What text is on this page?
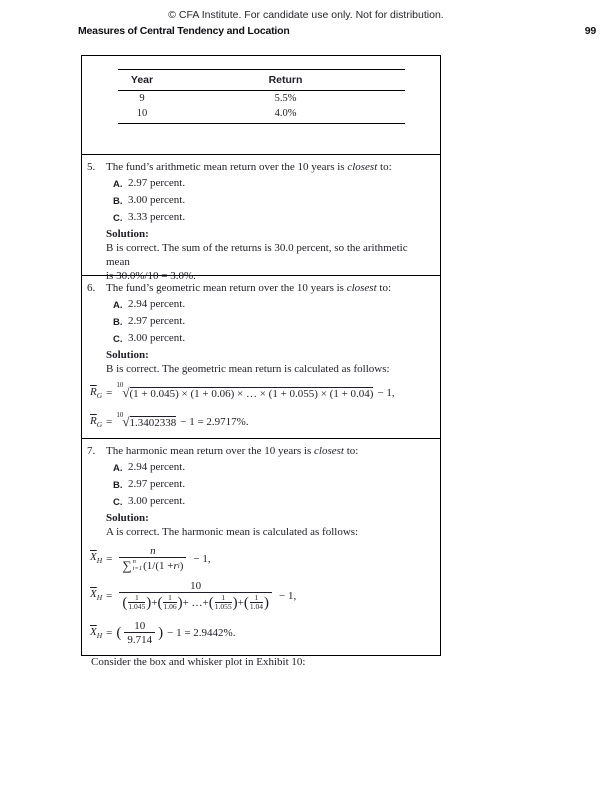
© CFA Institute. For candidate use only. Not for distribution.
Measures of Central Tendency and Location	99
Year	Return
9	5.5%
10	4.0%
5. The fund’s arithmetic mean return over the 10 years is closest to:
A. 2.97 percent.
B. 3.00 percent.
C. 3.33 percent.
Solution:
B is correct. The sum of the returns is 30.0 percent, so the arithmetic mean
is 30.0%/10 = 3.0%.
6. The fund’s geometric mean return over the 10 years is closest to:
A. 2.94 percent.
B. 2.97 percent.
C. 3.00 percent.
Solution:
B is correct. The geometric mean return is calculated as follows:
$\overline{R}_G$ =
$^{10}$√(1 + 0.045) × (1 + 0.06) × … × (1 + 0.055) × (1 + 0.04) − 1,
$\overline{R}_G$ =
$^{10}$√1.3402338 − 1 = 2.9717%.
7. The harmonic mean return over the 10 years is closest to:
A. 2.94 percent.
B. 2.97 percent.
C. 3.00 percent.
Solution:
A is correct. The harmonic mean is calculated as follows:
$\overline{X}_H = n$
∑ n
i=1 (1/(1 + r i ) − 1,
$\overline{X}_H$ =
10
( 1
1.045 ) + ( 1
1.06 ) + …+ ( 1
1.055 ) + ( 1
1.04 ) − 1,
$\overline{X}_H$ = ( $\frac{10}{9.714}$ ) − 1 = 2.9442%.
Consider the box and whisker plot in Exhibit 10:
